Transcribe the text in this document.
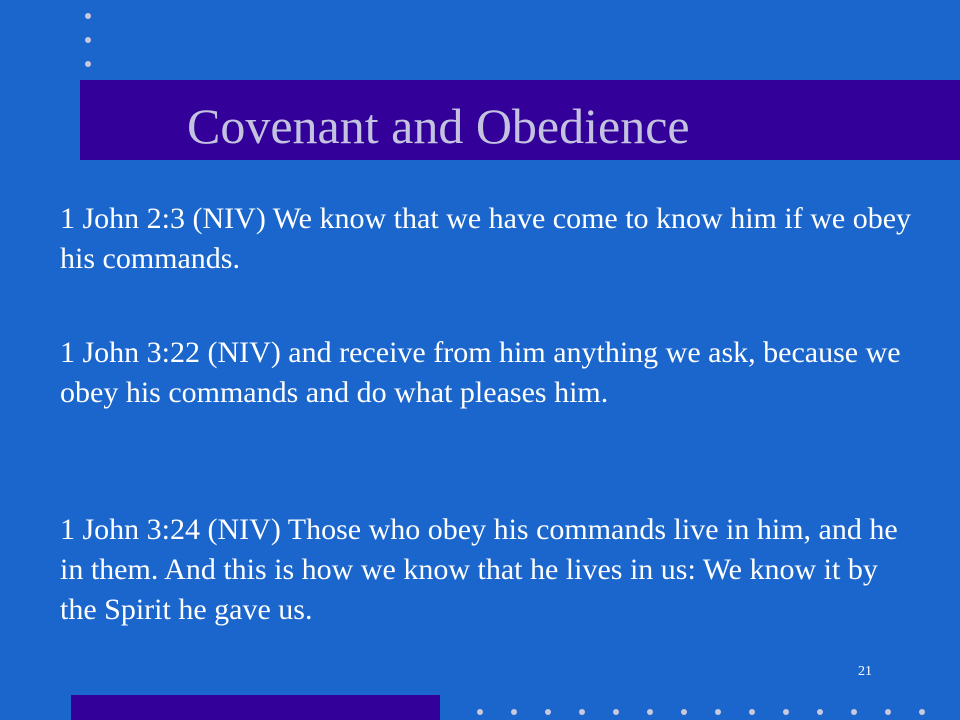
Covenant and Obedience

1 John 2:3 (NIV) We know that we have come to know him if we obey his commands.

1 John 3:22 (NIV) and receive from him anything we ask, because we obey his commands and do what pleases him.

1 John 3:24 (NIV) Those who obey his commands live in him, and he in them. And this is how we know that he lives in us: We know it by the Spirit he gave us.

21
